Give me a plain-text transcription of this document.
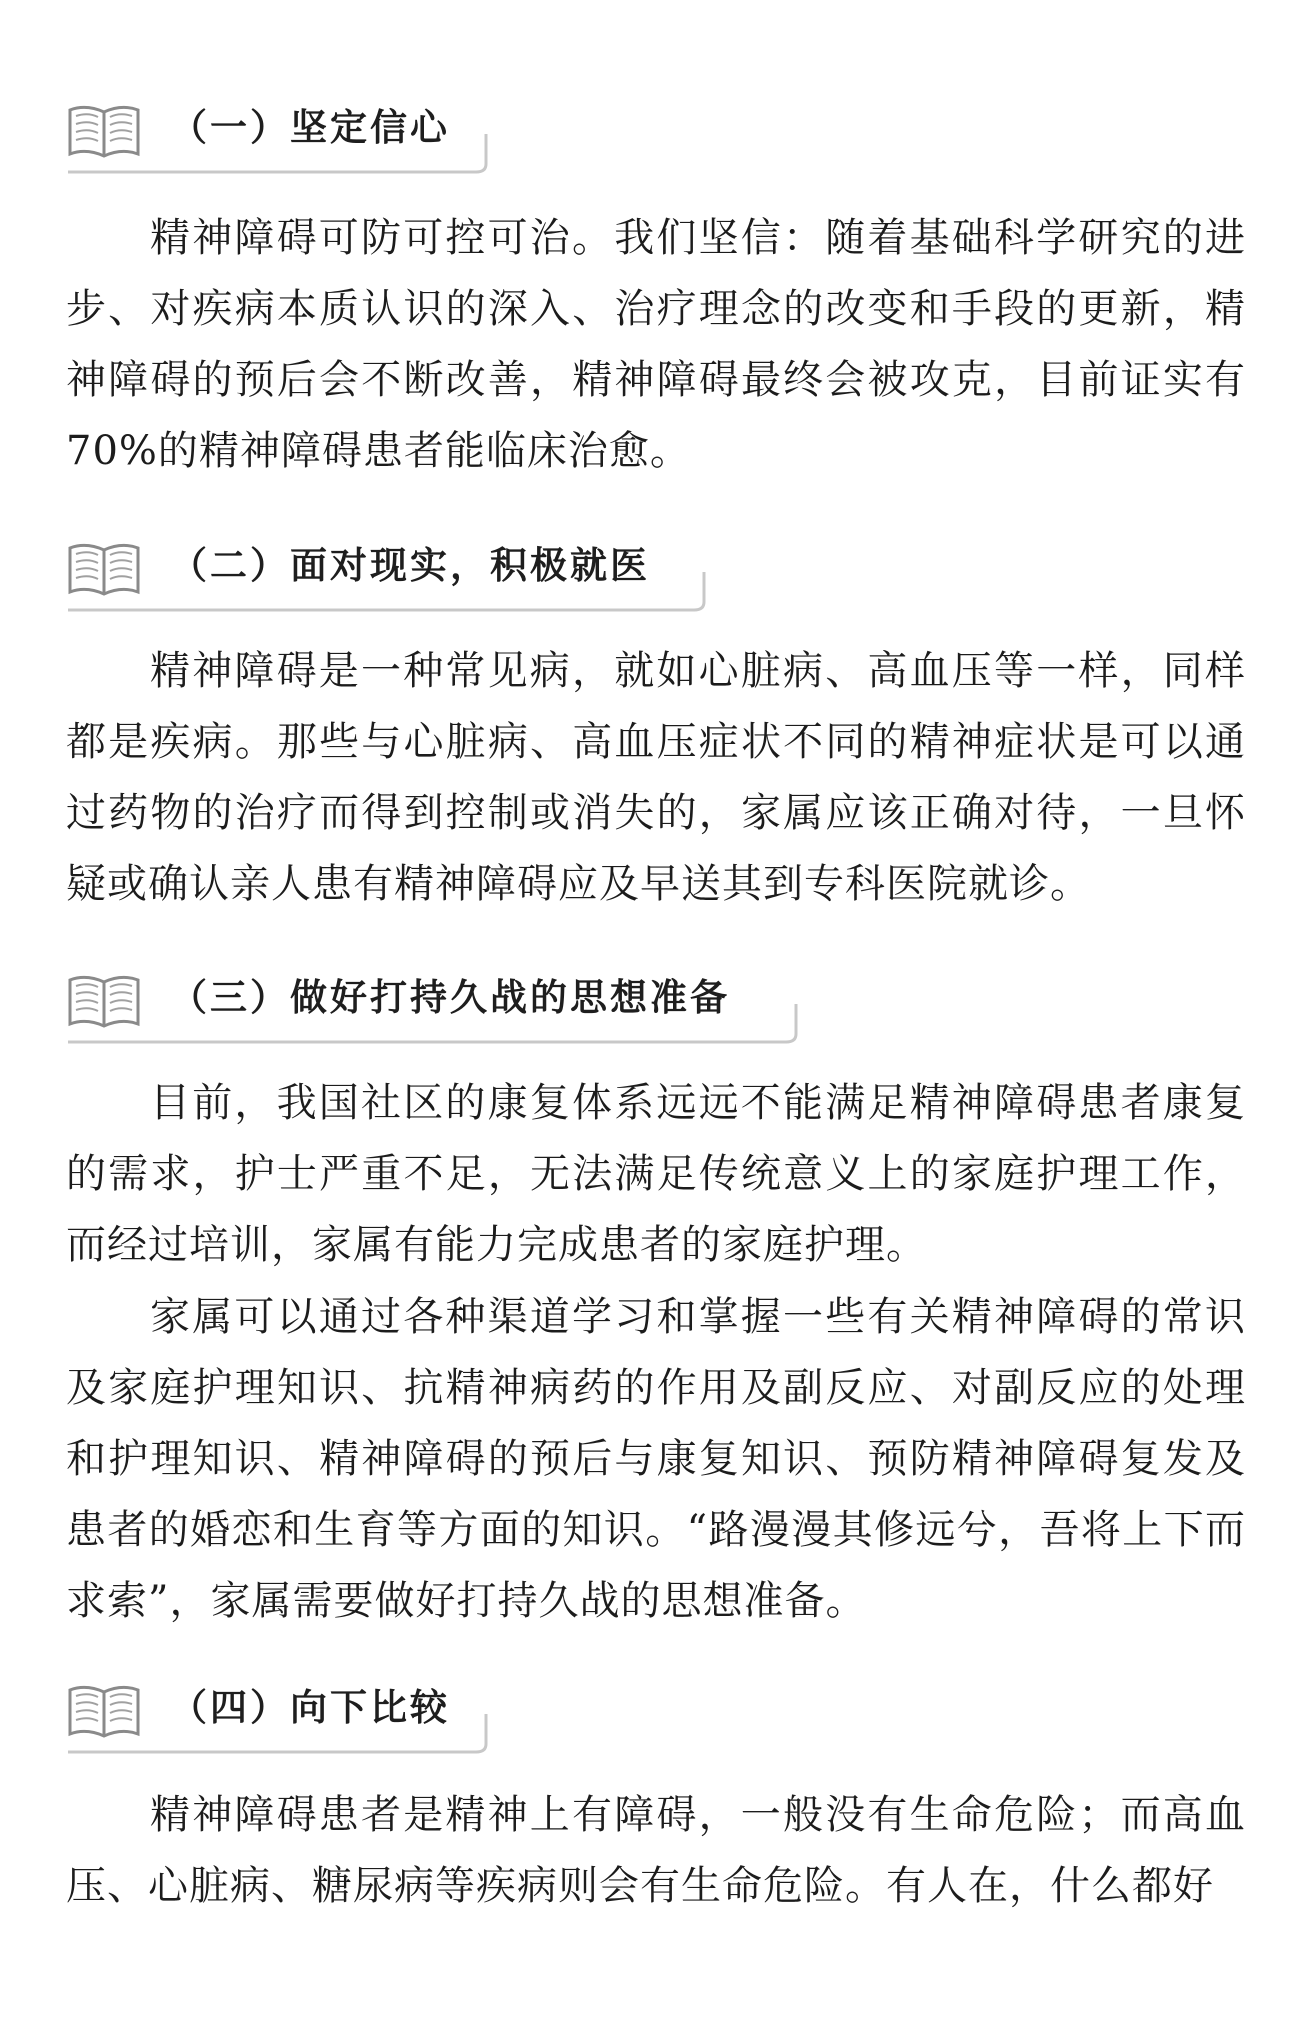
（一）坚定信心

精神障碍可防可控可治。我们坚信：随着基础科学研究的进步、对疾病本质认识的深入、治疗理念的改变和手段的更新，精神障碍的预后会不断改善，精神障碍最终会被攻克，目前证实有70%的精神障碍患者能临床治愈。

（二）面对现实，积极就医

精神障碍是一种常见病，就如心脏病、高血压等一样，同样都是疾病。那些与心脏病、高血压症状不同的精神症状是可以通过药物的治疗而得到控制或消失的，家属应该正确对待，一旦怀疑或确认亲人患有精神障碍应及早送其到专科医院就诊。

（三）做好打持久战的思想准备

目前，我国社区的康复体系远远不能满足精神障碍患者康复的需求，护士严重不足，无法满足传统意义上的家庭护理工作，而经过培训，家属有能力完成患者的家庭护理。

家属可以通过各种渠道学习和掌握一些有关精神障碍的常识及家庭护理知识、抗精神病药的作用及副反应、对副反应的处理和护理知识、精神障碍的预后与康复知识、预防精神障碍复发及患者的婚恋和生育等方面的知识。“路漫漫其修远兮，吾将上下而求索”，家属需要做好打持久战的思想准备。

（四）向下比较

精神障碍患者是精神上有障碍，一般没有生命危险；而高血压、心脏病、糖尿病等疾病则会有生命危险。有人在，什么都好
